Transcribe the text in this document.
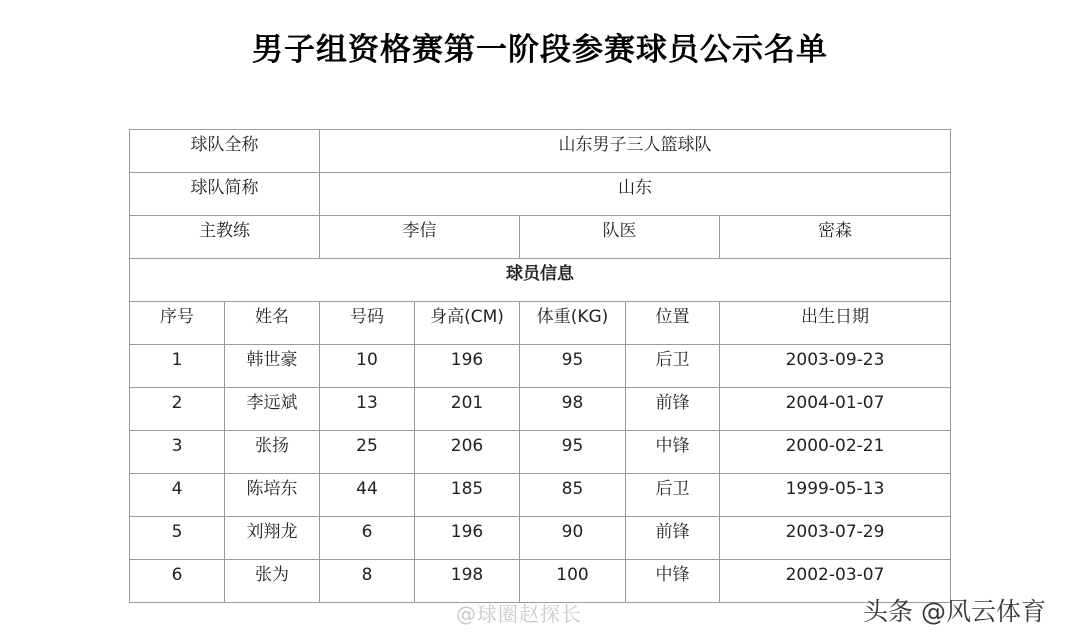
男子组资格赛第一阶段参赛球员公示名单
球队全称		山东男子三人篮球队				
球队简称		山东				
主教练		李信		队医		密森
球员信息						
序号	姓名	号码	身高(CM)	体重(KG)	位置	出生日期
1	韩世豪	10	196	95	后卫	2003-09-23
2	李远斌	13	201	98	前锋	2004-01-07
3	张扬	25	206	95	中锋	2000-02-21
4	陈培东	44	185	85	后卫	1999-05-13
5	刘翔龙	6	196	90	前锋	2003-07-29
6	张为	8	198	100	中锋	2002-03-07
@球圈赵探长	头条 @风云体育
